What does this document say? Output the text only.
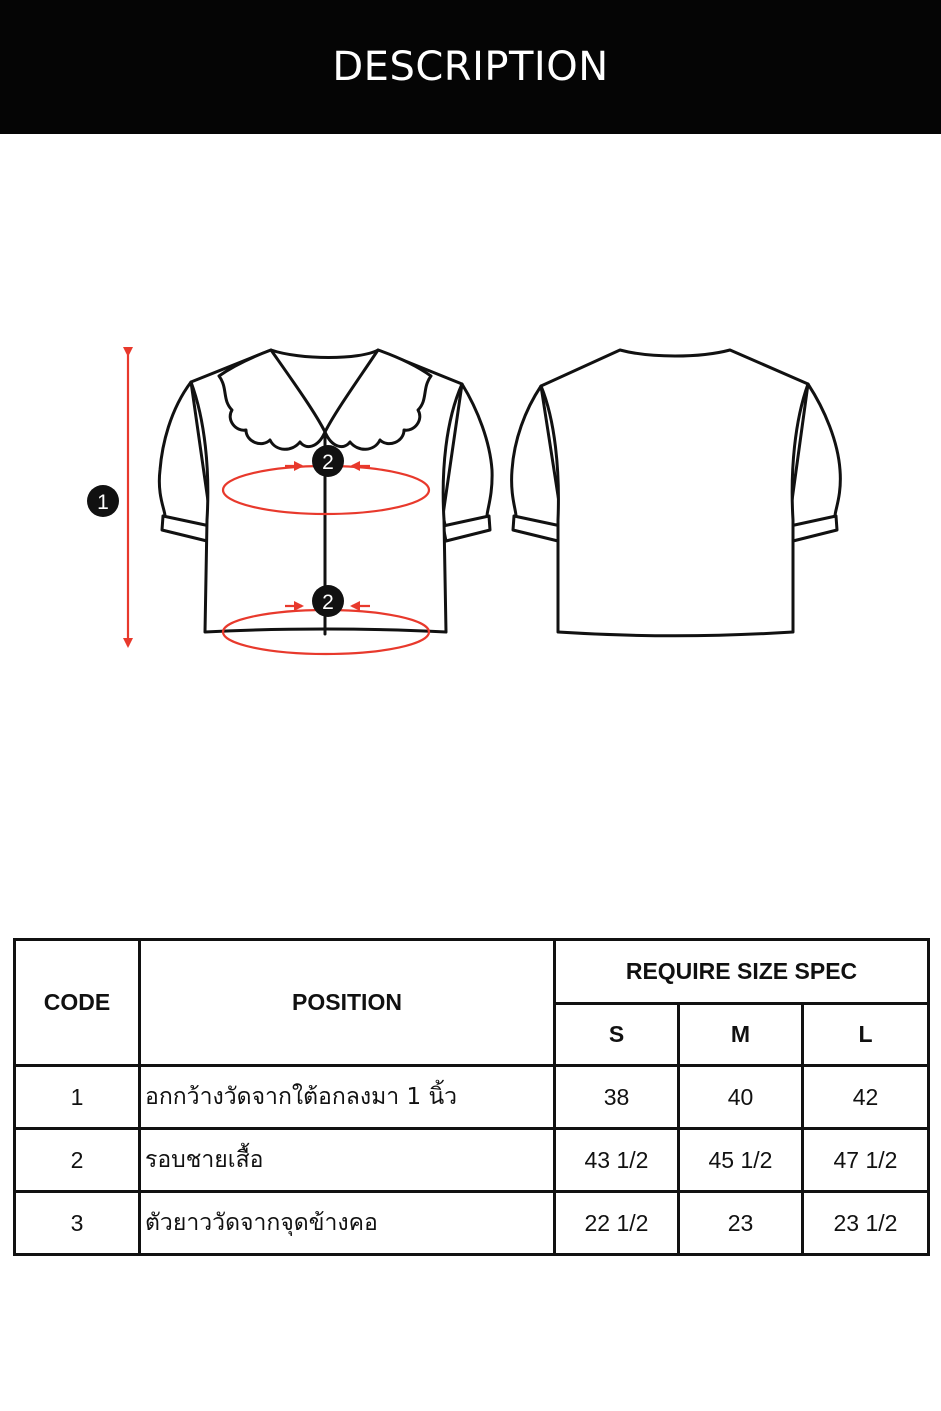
DESCRIPTION
1
2
2
CODE	POSITION	REQUIRE SIZE SPEC		
		S	M	L
1	อกกว้างวัดจากใต้อกลงมา 1 นิ้ว	38	40	42
2	รอบชายเสื้อ	43 1/2	45 1/2	47 1/2
3	ตัวยาววัดจากจุดข้างคอ	22 1/2	23	23 1/2
